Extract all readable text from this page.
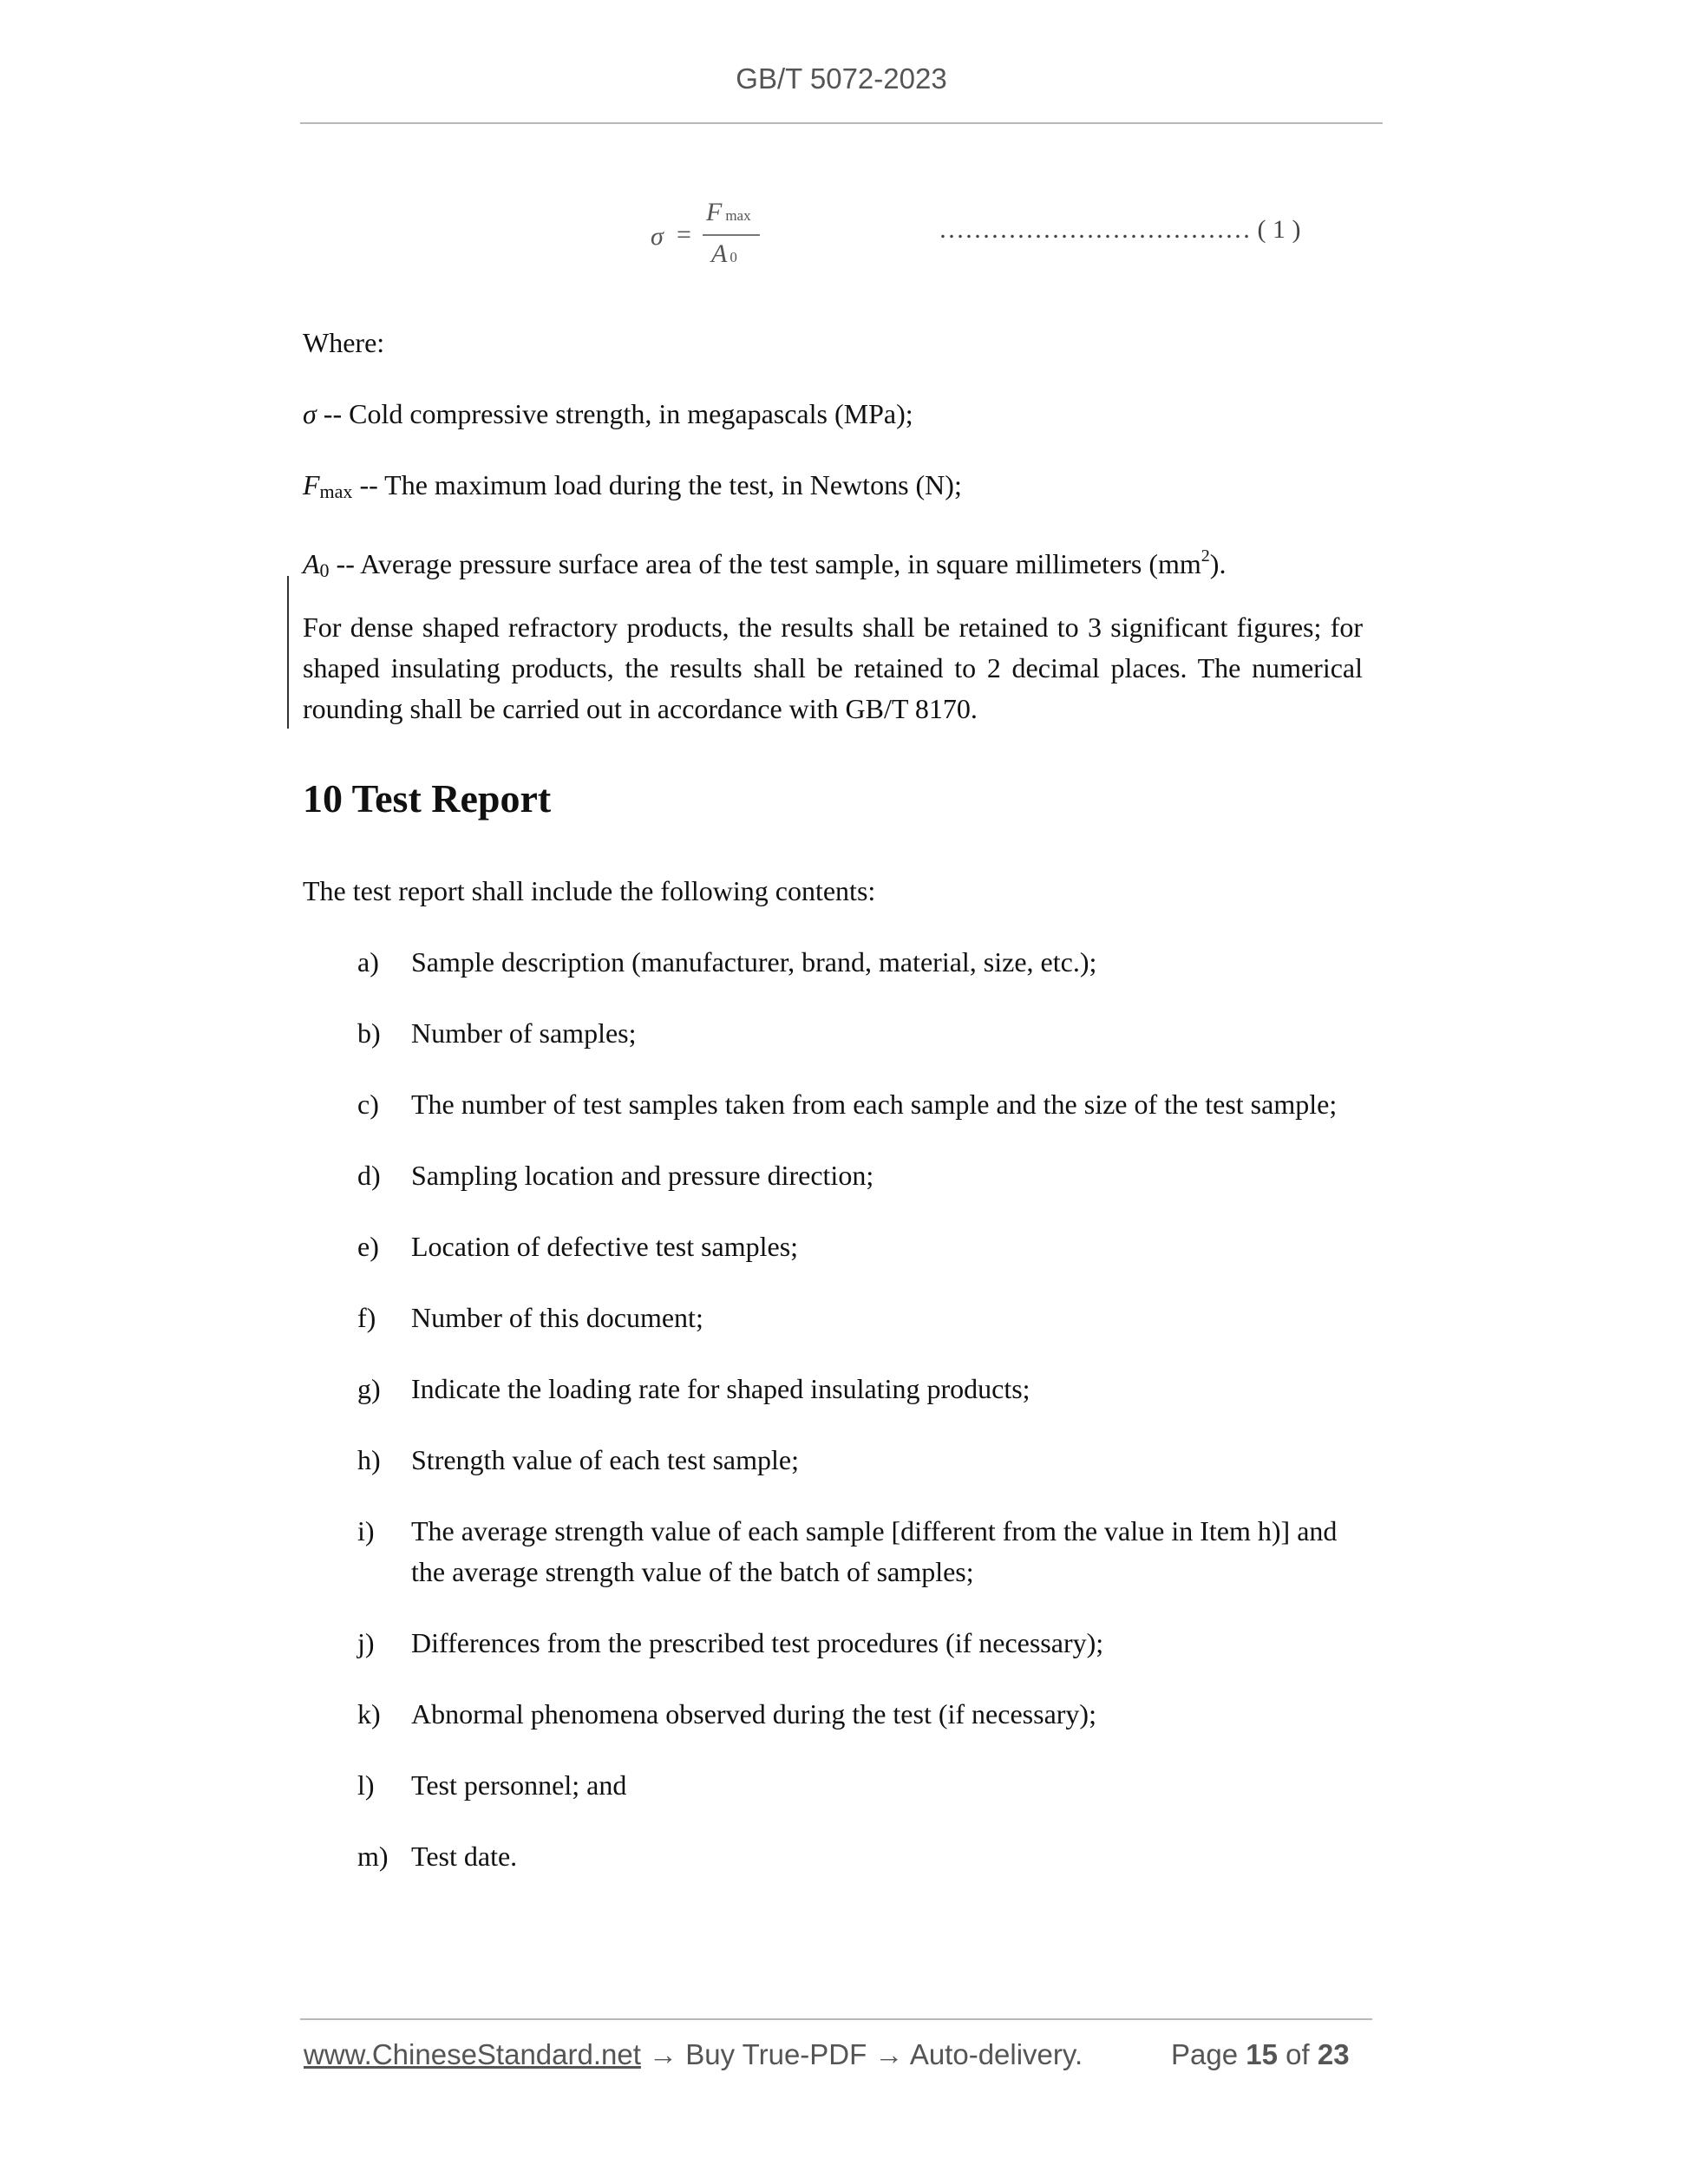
GB/T 5072-2023
σ =
Fmax
A 0
……………………………… ( 1 )
Where:
σ -- Cold compressive strength, in megapascals (MPa);
Fmax -- The maximum load during the test, in Newtons (N);
A0 -- Average pressure surface area of the test sample, in square millimeters $(mm^2)$.
For dense shaped refractory products, the results shall be retained to 3 significant figures; for shaped insulating products, the results shall be retained to 2 decimal places. The numerical rounding shall be carried out in accordance with GB/T 8170.
10 Test Report
The test report shall include the following contents:
a) Sample description (manufacturer, brand, material, size, etc.);
b) Number of samples;
c) The number of test samples taken from each sample and the size of the test sample;
d) Sampling location and pressure direction;
e) Location of defective test samples;
f) Number of this document;
g) Indicate the loading rate for shaped insulating products;
h) Strength value of each test sample;
i) The average strength value of each sample [different from the value in Item h)] and the average strength value of the batch of samples;
j) Differences from the prescribed test procedures (if necessary);
k) Abnormal phenomena observed during the test (if necessary);
l) Test personnel; and
m) Test date.
www.ChineseStandard.net → Buy True-PDF → Auto-delivery.	Page 15 of 23
